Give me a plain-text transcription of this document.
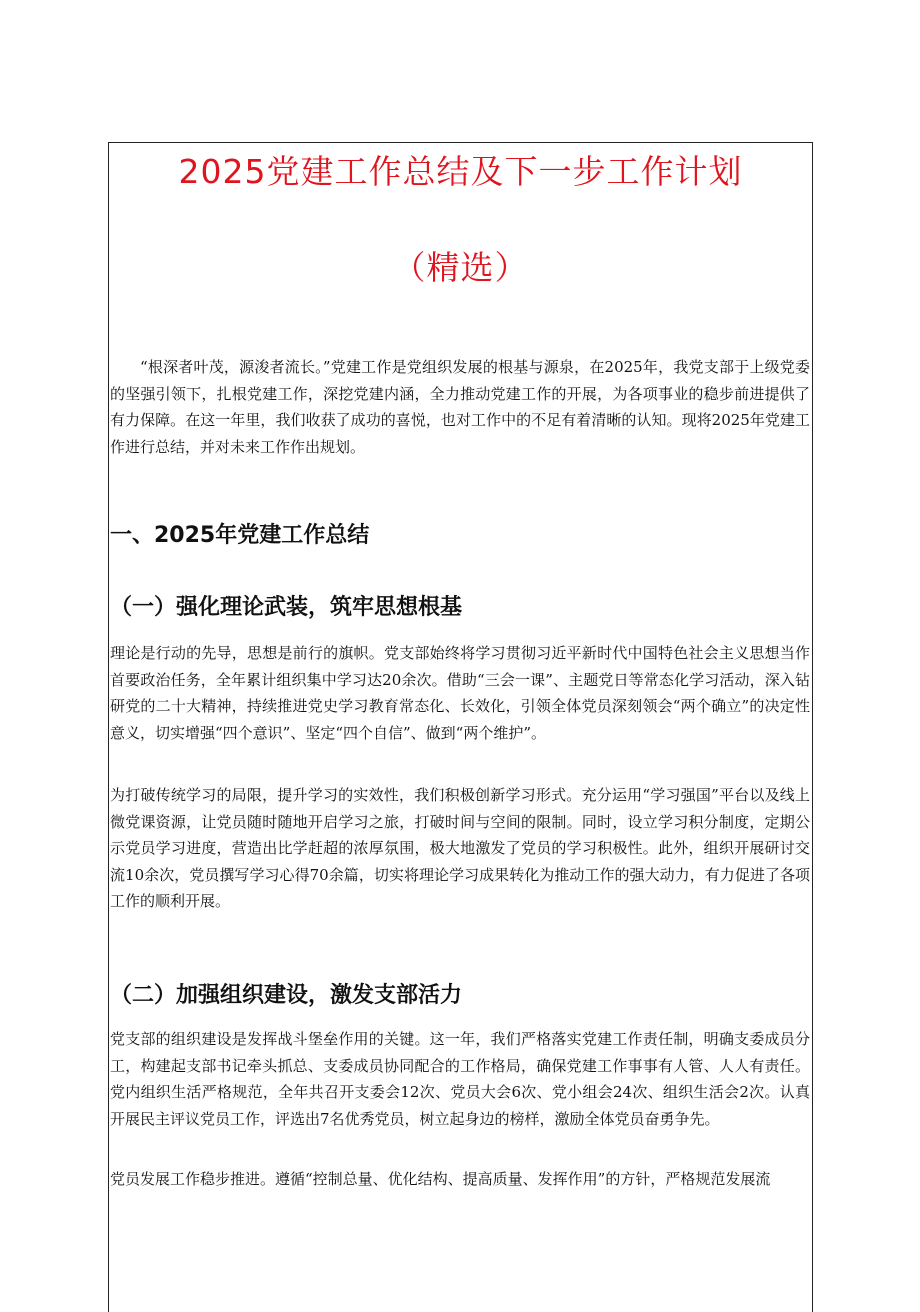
2025党建工作总结及下一步工作计划
（精选）

“根深者叶茂，源浚者流长。”党建工作是党组织发展的根基与源泉，在2025年，我党支部于上级党委的坚强引领下，扎根党建工作，深挖党建内涵，全力推动党建工作的开展，为各项事业的稳步前进提供了有力保障。在这一年里，我们收获了成功的喜悦，也对工作中的不足有着清晰的认知。现将2025年党建工作进行总结，并对未来工作作出规划。

一、2025年党建工作总结
（一）强化理论武装，筑牢思想根基

理论是行动的先导，思想是前行的旗帜。党支部始终将学习贯彻习近平新时代中国特色社会主义思想当作首要政治任务，全年累计组织集中学习达20余次。借助“三会一课”、主题党日等常态化学习活动，深入钻研党的二十大精神，持续推进党史学习教育常态化、长效化，引领全体党员深刻领会“两个确立”的决定性意义，切实增强“四个意识”、坚定“四个自信”、做到“两个维护”。

为打破传统学习的局限，提升学习的实效性，我们积极创新学习形式。充分运用“学习强国”平台以及线上微党课资源，让党员随时随地开启学习之旅，打破时间与空间的限制。同时，设立学习积分制度，定期公示党员学习进度，营造出比学赶超的浓厚氛围，极大地激发了党员的学习积极性。此外，组织开展研讨交流10余次，党员撰写学习心得70余篇，切实将理论学习成果转化为推动工作的强大动力，有力促进了各项工作的顺利开展。

（二）加强组织建设，激发支部活力

党支部的组织建设是发挥战斗堡垒作用的关键。这一年，我们严格落实党建工作责任制，明确支委成员分工，构建起支部书记牵头抓总、支委成员协同配合的工作格局，确保党建工作事事有人管、人人有责任。党内组织生活严格规范，全年共召开支委会12次、党员大会6次、党小组会24次、组织生活会2次。认真开展民主评议党员工作，评选出7名优秀党员，树立起身边的榜样，激励全体党员奋勇争先。

党员发展工作稳步推进。遵循“控制总量、优化结构、提高质量、发挥作用”的方针，严格规范发展流
